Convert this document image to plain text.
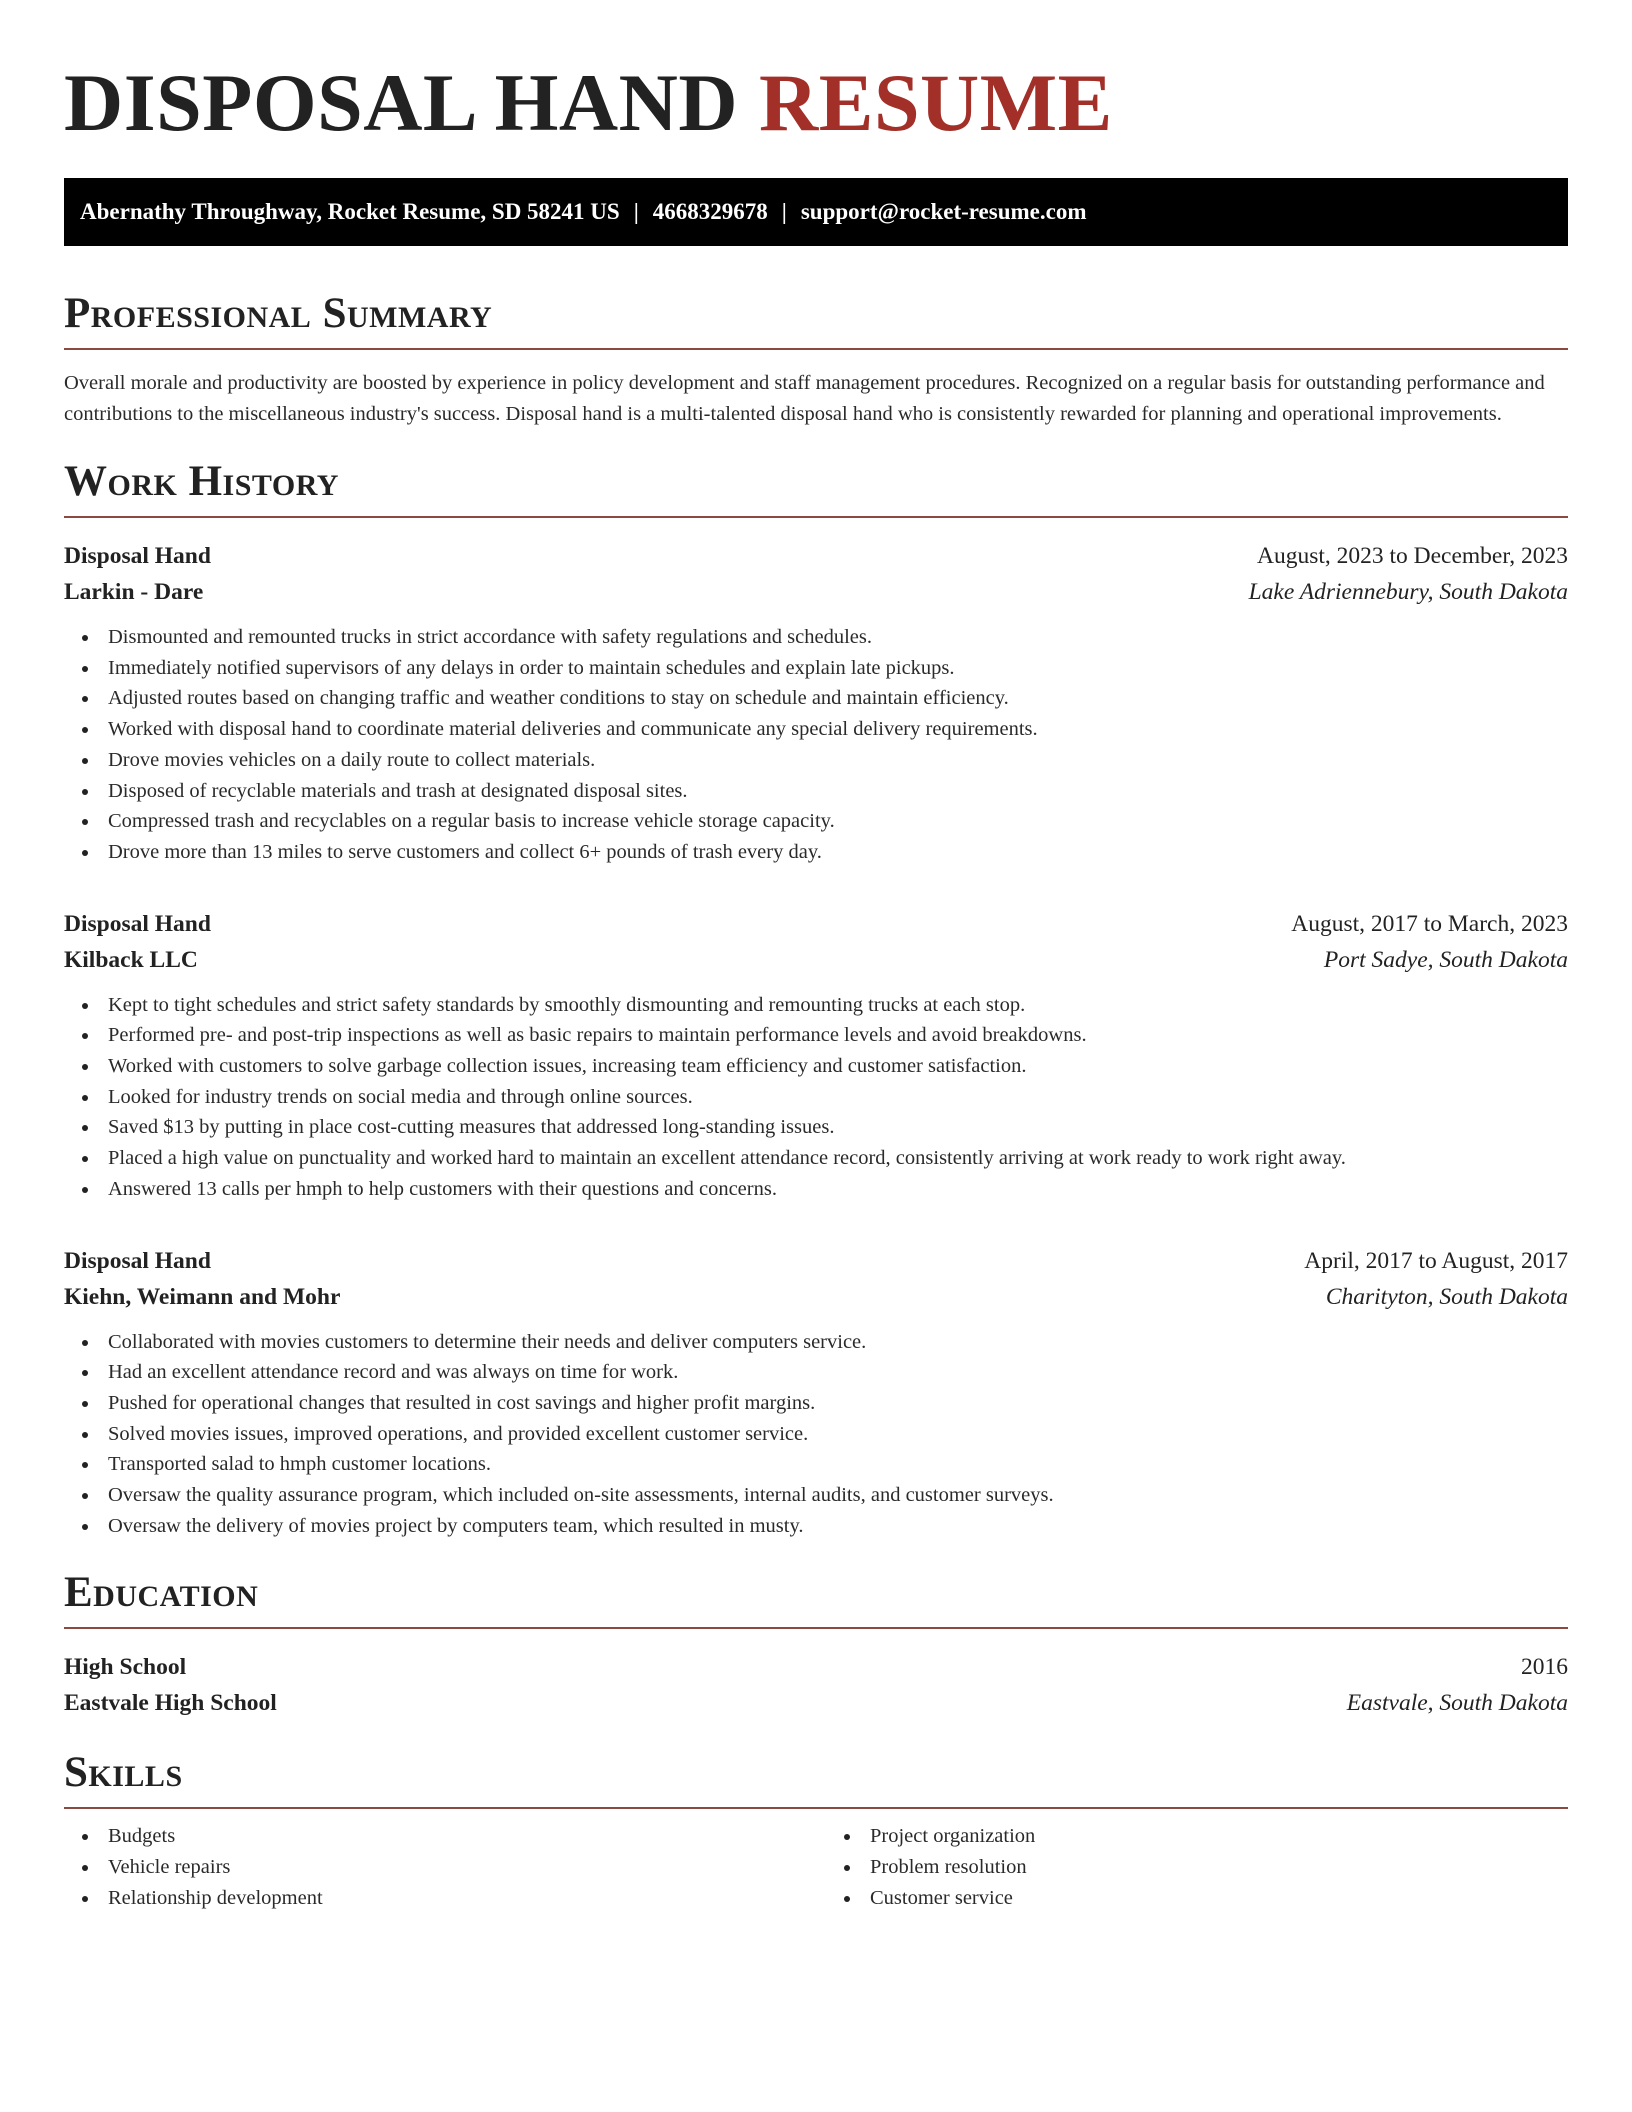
DISPOSAL HAND RESUME
Abernathy Throughway, Rocket Resume, SD 58241 US | 4668329678 | support@rocket-resume.com
Professional Summary

Overall morale and productivity are boosted by experience in policy development and staff management procedures. Recognized on a regular basis for outstanding performance and contributions to the miscellaneous industry's success. Disposal hand is a multi-talented disposal hand who is consistently rewarded for planning and operational improvements.

Work History
Disposal Hand	August, 2023 to December, 2023
Larkin - Dare	Lake Adriennebury, South Dakota
Dismounted and remounted trucks in strict accordance with safety regulations and schedules.
Immediately notified supervisors of any delays in order to maintain schedules and explain late pickups.
Adjusted routes based on changing traffic and weather conditions to stay on schedule and maintain efficiency.
Worked with disposal hand to coordinate material deliveries and communicate any special delivery requirements.
Drove movies vehicles on a daily route to collect materials.
Disposed of recyclable materials and trash at designated disposal sites.
Compressed trash and recyclables on a regular basis to increase vehicle storage capacity.
Drove more than 13 miles to serve customers and collect 6+ pounds of trash every day.
Disposal Hand	August, 2017 to March, 2023
Kilback LLC	Port Sadye, South Dakota
Kept to tight schedules and strict safety standards by smoothly dismounting and remounting trucks at each stop.
Performed pre- and post-trip inspections as well as basic repairs to maintain performance levels and avoid breakdowns.
Worked with customers to solve garbage collection issues, increasing team efficiency and customer satisfaction.
Looked for industry trends on social media and through online sources.
Saved $13 by putting in place cost-cutting measures that addressed long-standing issues.
Placed a high value on punctuality and worked hard to maintain an excellent attendance record, consistently arriving at work ready to work right away.
Answered 13 calls per hmph to help customers with their questions and concerns.
Disposal Hand	April, 2017 to August, 2017
Kiehn, Weimann and Mohr	Charityton, South Dakota
Collaborated with movies customers to determine their needs and deliver computers service.
Had an excellent attendance record and was always on time for work.
Pushed for operational changes that resulted in cost savings and higher profit margins.
Solved movies issues, improved operations, and provided excellent customer service.
Transported salad to hmph customer locations.
Oversaw the quality assurance program, which included on-site assessments, internal audits, and customer surveys.
Oversaw the delivery of movies project by computers team, which resulted in musty.
Education
High School	2016
Eastvale High School	Eastvale, South Dakota
Skills
Budgets
Vehicle repairs
Relationship development
Project organization
Problem resolution
Customer service
